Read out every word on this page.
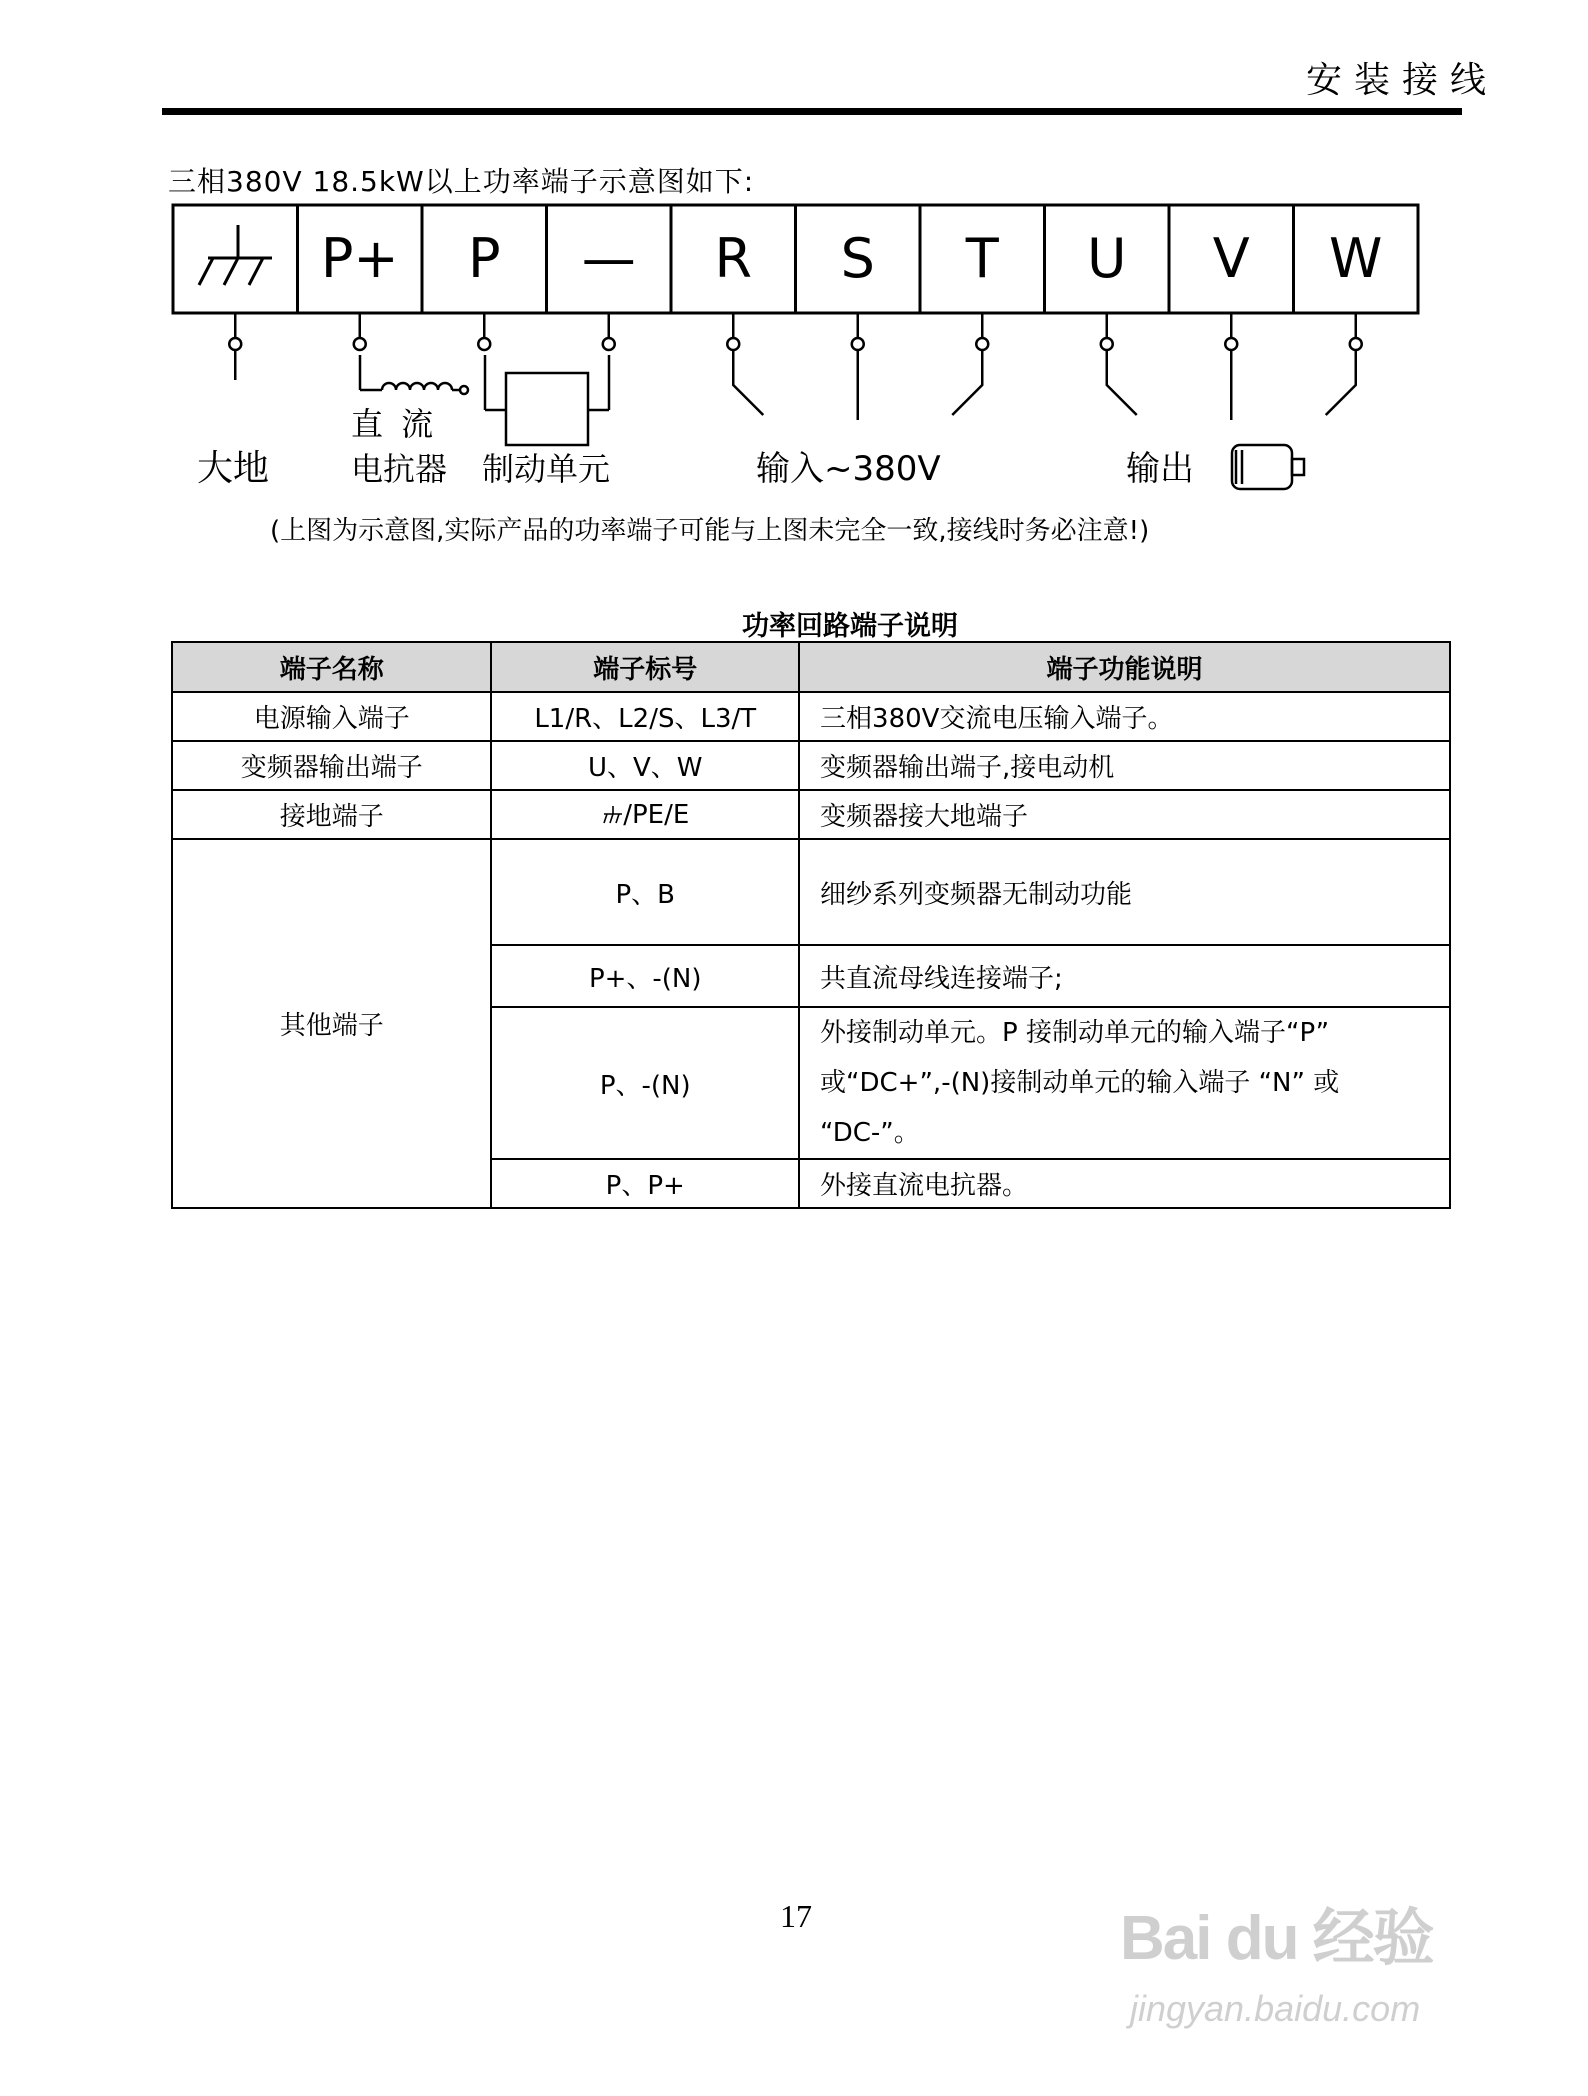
安装接线
三相380V 18.5kW以上功率端子示意图如下:
P+ P — R S T U V W
大地
直 流
电抗器 制动单元	输入~380V	输出
(上图为示意图,实际产品的功率端子可能与上图未完全一致,接线时务必注意!)
功率回路端子说明
端子名称	端子标号	端子功能说明
电源输入端子	L1/R、L2/S、L3/T	三相380V交流电压输入端子。
变频器输出端子	U、V、W	变频器输出端子,接电动机
接地端子	/PE/E	变频器接大地端子
其他端子	P、B	细纱系列变频器无制动功能
	P+、-(N)	共直流母线连接端子;
	P、-(N)	外接制动单元。P 接制动单元的输入端子“P”
或“DC+”,-(N)接制动单元的输入端子 “N” 或
“DC-”。

	P、P+	外接直流电抗器。
17	Bai du 经验
jingyan.baidu.com
